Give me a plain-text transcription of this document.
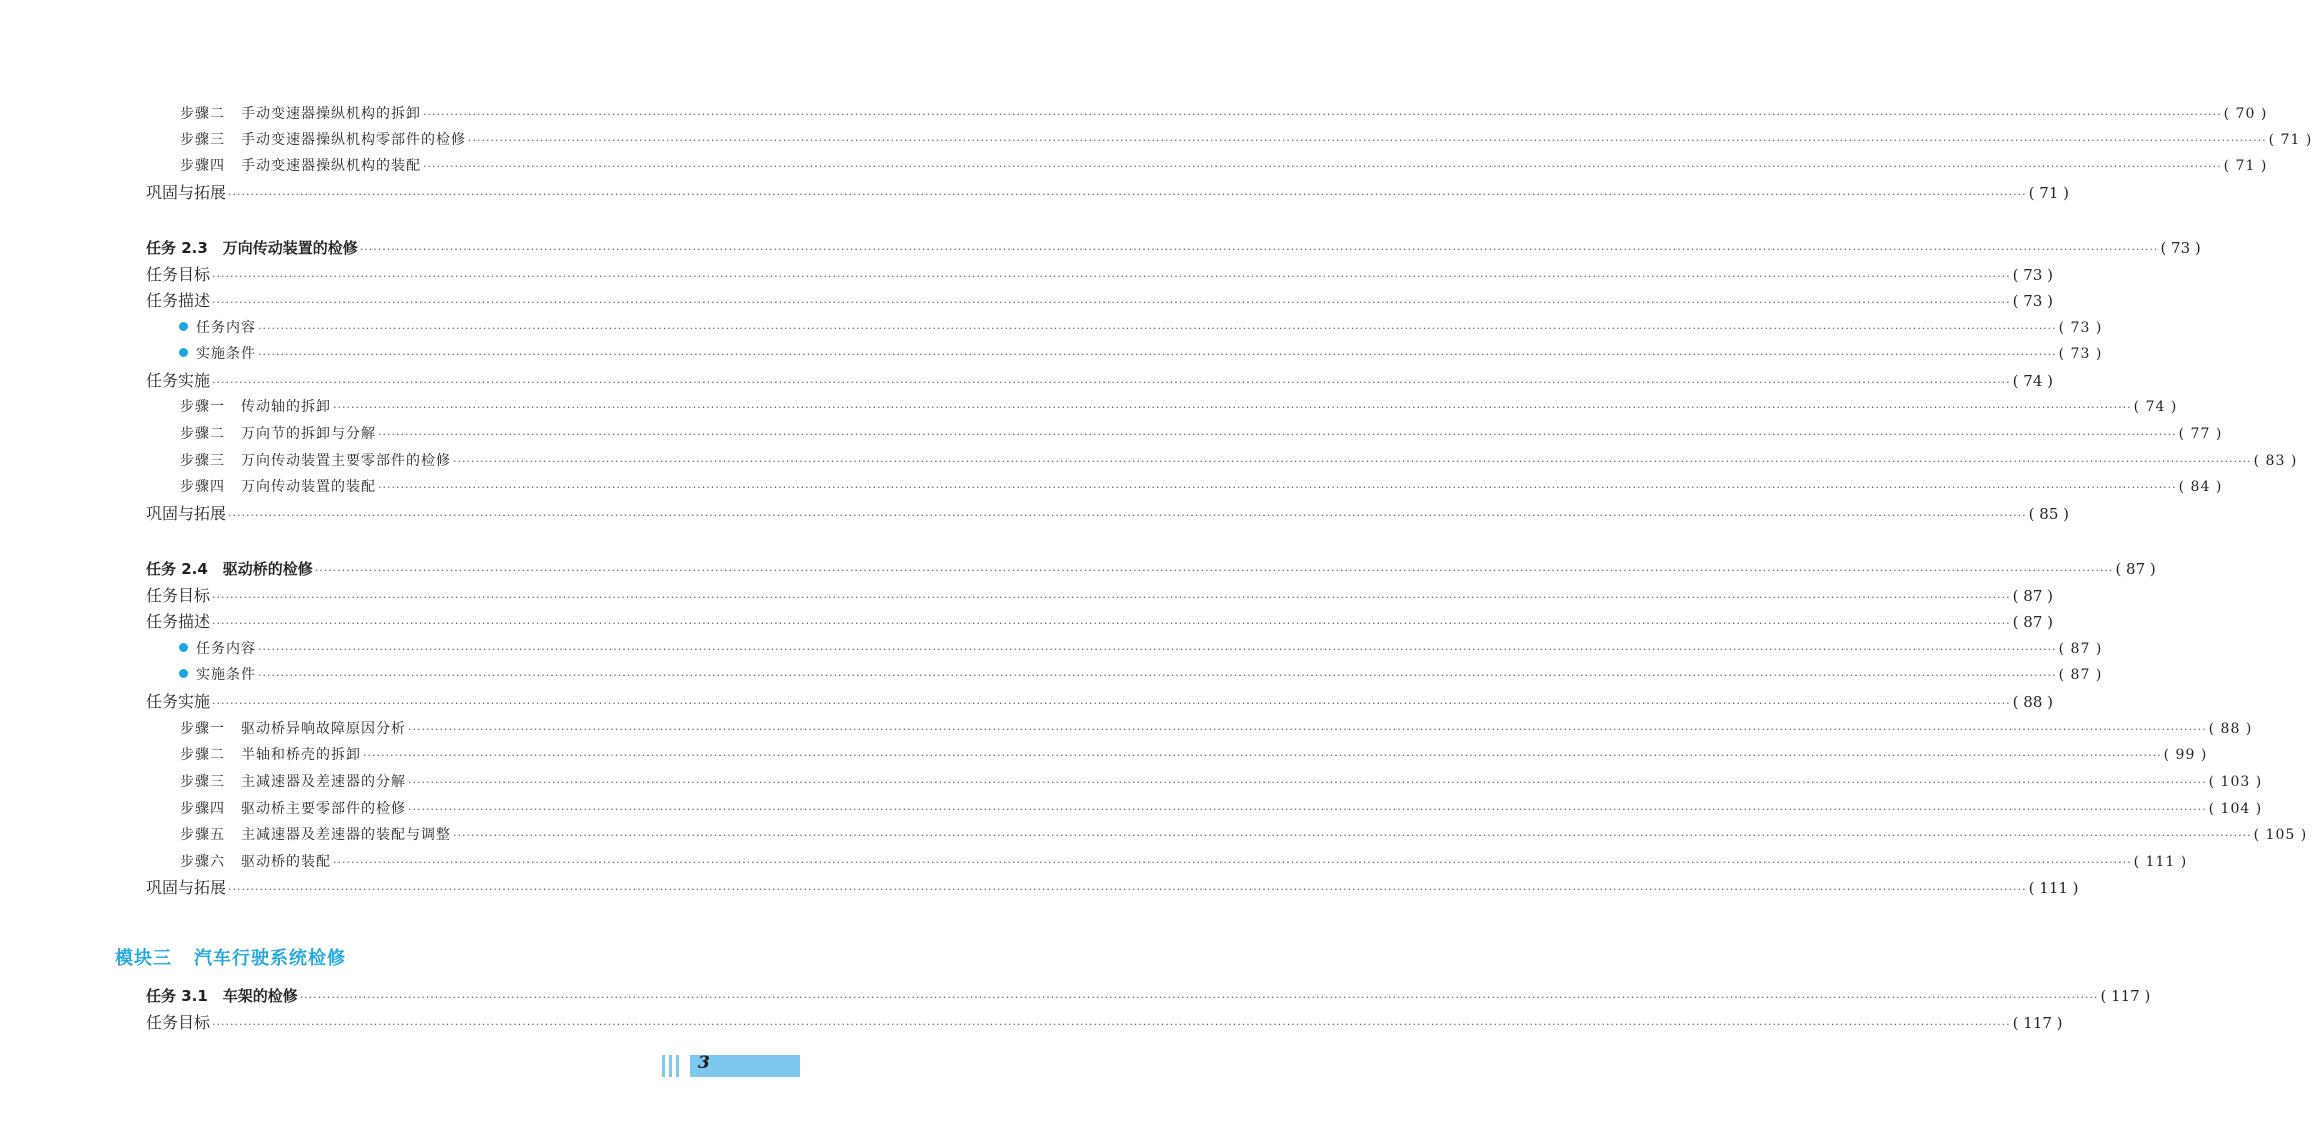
模块三 汽车行驶系统检修
3
步骤二 手动变速器操纵机构的拆卸 ················································································································································································································································································································································································································ ( 70 )
步骤三 手动变速器操纵机构零部件的检修 ················································································································································································································································································································································································································ ( 71 )
步骤四 手动变速器操纵机构的装配 ················································································································································································································································································································································································································ ( 71 )
巩固与拓展 ················································································································································································································································································································································································································ ( 71 )
任务 2.3　万向传动装置的检修 ················································································································································································································································································································································································································ ( 73 )
任务目标 ················································································································································································································································································································································································································ ( 73 )
任务描述 ················································································································································································································································································································································································································ ( 73 )
任务内容 ················································································································································································································································································································································································································ ( 73 )
实施条件 ················································································································································································································································································································································································································ ( 73 )
任务实施 ················································································································································································································································································································································································································ ( 74 )
步骤一 传动轴的拆卸 ················································································································································································································································································································································································································ ( 74 )
步骤二 万向节的拆卸与分解 ················································································································································································································································································································································································································ ( 77 )
步骤三 万向传动装置主要零部件的检修 ················································································································································································································································································································································································································ ( 83 )
步骤四 万向传动装置的装配 ················································································································································································································································································································································································································ ( 84 )
巩固与拓展 ················································································································································································································································································································································································································ ( 85 )
任务 2.4　驱动桥的检修 ················································································································································································································································································································································································································ ( 87 )
任务目标 ················································································································································································································································································································································································································ ( 87 )
任务描述 ················································································································································································································································································································································································································ ( 87 )
任务内容 ················································································································································································································································································································································································································ ( 87 )
实施条件 ················································································································································································································································································································································································································ ( 87 )
任务实施 ················································································································································································································································································································································································································ ( 88 )
步骤一 驱动桥异响故障原因分析 ················································································································································································································································································································································································································ ( 88 )
步骤二 半轴和桥壳的拆卸 ················································································································································································································································································································································································································ ( 99 )
步骤三 主减速器及差速器的分解 ················································································································································································································································································································································································································ ( 103 )
步骤四 驱动桥主要零部件的检修 ················································································································································································································································································································································································································ ( 104 )
步骤五 主减速器及差速器的装配与调整 ················································································································································································································································································································································································································ ( 105 )
步骤六 驱动桥的装配 ················································································································································································································································································································································································································ ( 111 )
巩固与拓展 ················································································································································································································································································································································································································ ( 111 )
任务 3.1　车架的检修 ················································································································································································································································································································································································································ ( 117 )
任务目标 ················································································································································································································································································································································································································ ( 117 )
